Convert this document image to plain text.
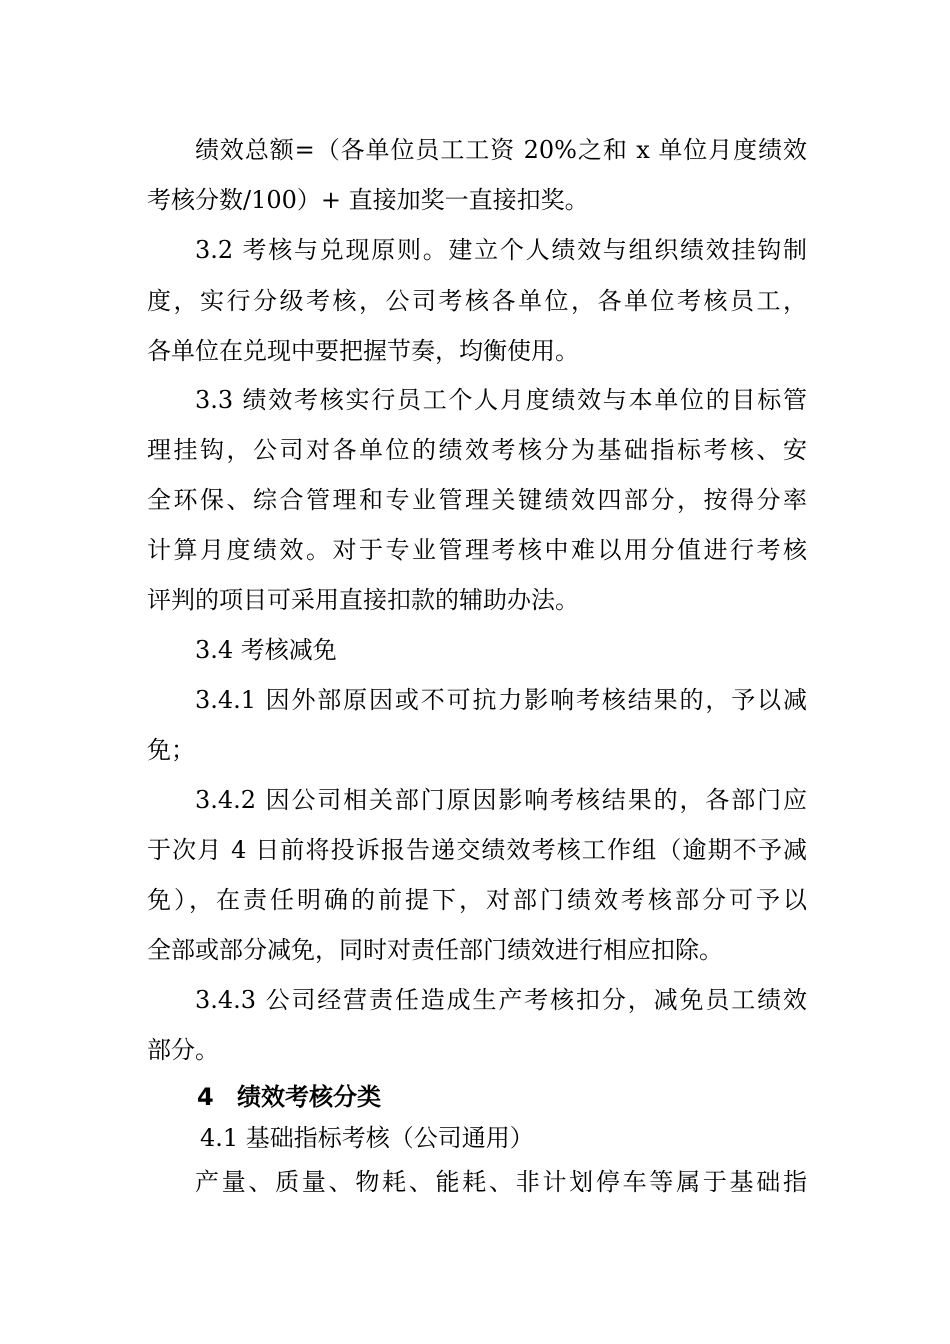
绩效总额=（各单位员工工资 20%之和 x 单位月度绩效
考核分数/100）+ 直接加奖一直接扣奖。
3.2 考核与兑现原则。建立个人绩效与组织绩效挂钩制
度，实行分级考核，公司考核各单位，各单位考核员工，
各单位在兑现中要把握节奏，均衡使用。
3.3 绩效考核实行员工个人月度绩效与本单位的目标管
理挂钩，公司对各单位的绩效考核分为基础指标考核、安
全环保、综合管理和专业管理关键绩效四部分，按得分率
计算月度绩效。对于专业管理考核中难以用分值进行考核
评判的项目可采用直接扣款的辅助办法。
3.4 考核减免
3.4.1 因外部原因或不可抗力影响考核结果的，予以减
免；
3.4.2 因公司相关部门原因影响考核结果的，各部门应
于次月 4 日前将投诉报告递交绩效考核工作组（逾期不予减
免），在责任明确的前提下，对部门绩效考核部分可予以
全部或部分减免，同时对责任部门绩效进行相应扣除。
3.4.3 公司经营责任造成生产考核扣分，减免员工绩效
部分。
4 绩效考核分类
4.1 基础指标考核（公司通用）
产量、质量、物耗、能耗、非计划停车等属于基础指
